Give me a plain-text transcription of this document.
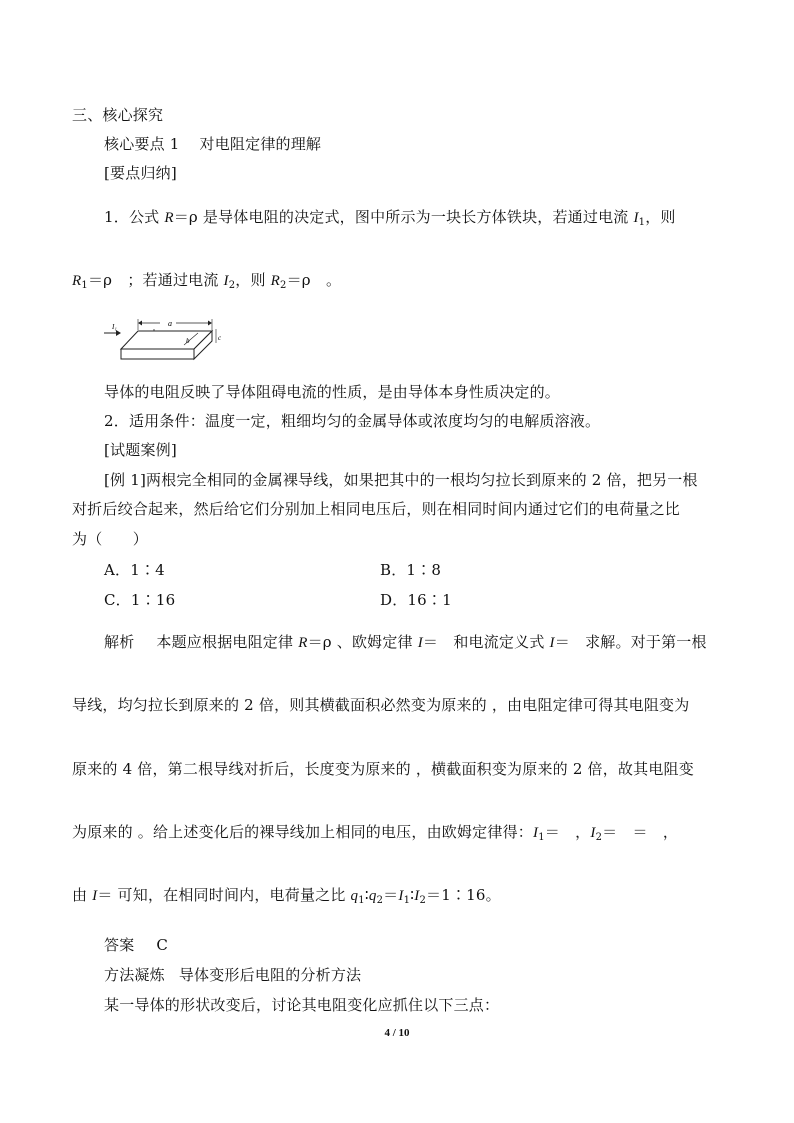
三、核心探究
核心要点 1 对电阻定律的理解
[要点归纳]
1．公式 R＝ρ 是导体电阻的决定式，图中所示为一块长方体铁块，若通过电流 $I_1$，则
$R_1=\rho$　；若通过电流 $I_2$，则 $R_2=\rho$　。
I₁	a
b	c
导体的电阻反映了导体阻碍电流的性质，是由导体本身性质决定的。
2．适用条件：温度一定，粗细均匀的金属导体或浓度均匀的电解质溶液。
[试题案例]
[例 1]两根完全相同的金属裸导线，如果把其中的一根均匀拉长到原来的 2 倍，把另一根
对折后绞合起来，然后给它们分别加上相同电压后，则在相同时间内通过它们的电荷量之比
为（　　）
A．1∶4	B．1∶8
C．1∶16	D．16∶1
解析 本题应根据电阻定律 R＝ρ 、欧姆定律 I＝　和电流定义式 I＝　求解。对于第一根
导线，均匀拉长到原来的 2 倍，则其横截面积必然变为原来的 ，由电阻定律可得其电阻变为
原来的 4 倍，第二根导线对折后，长度变为原来的 ，横截面积变为原来的 2 倍，故其电阻变
为原来的 。给上述变化后的裸导线加上相同的电压，由欧姆定律得：$I_1=$　，$I_2=$　＝　，
由 I＝ 可知，在相同时间内，电荷量之比 $q_1∶q_2=I_1∶I_2=1∶16$。
答案 C
方法凝炼 导体变形后电阻的分析方法
某一导体的形状改变后，讨论其电阻变化应抓住以下三点：
4 / 10
